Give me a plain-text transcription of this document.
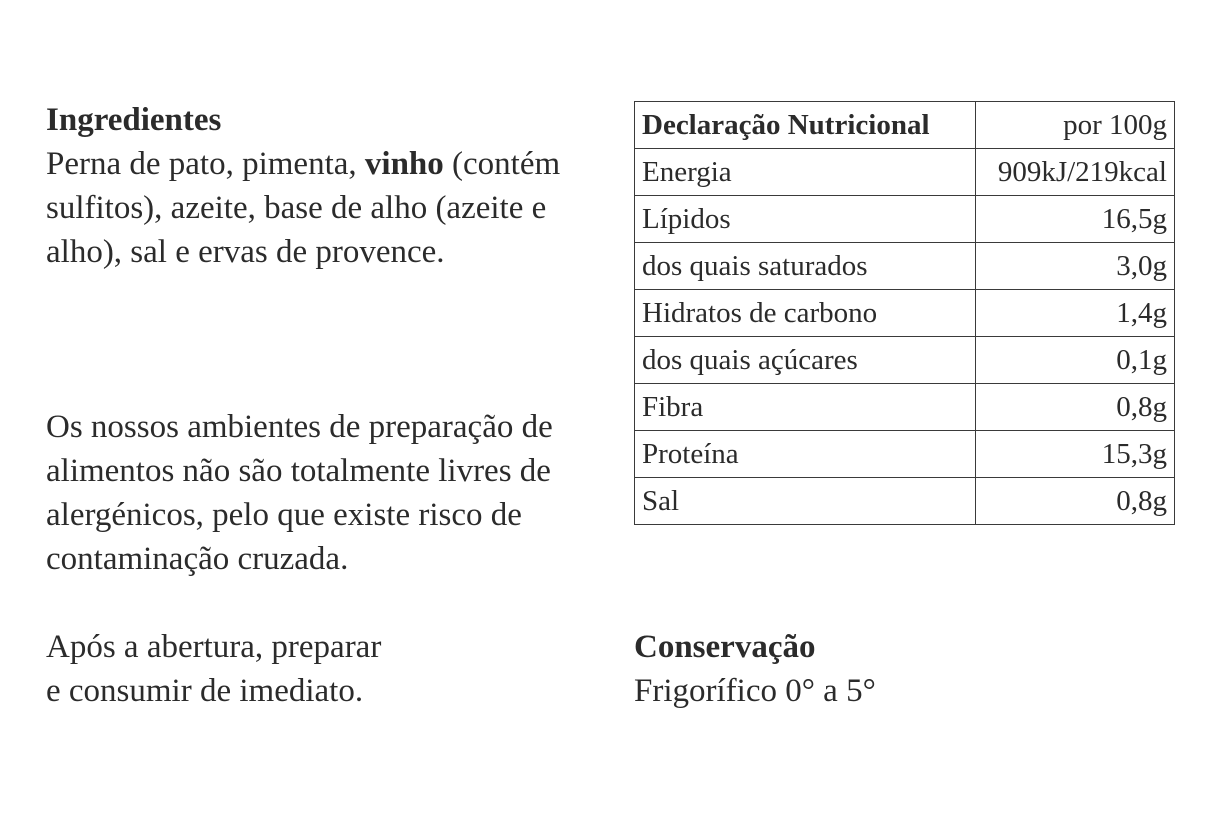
Ingredientes

Perna de pato, pimenta, vinho (contém sulfitos), azeite, base de alho (azeite e alho), sal e ervas de provence.

Os nossos ambientes de preparação de alimentos não são totalmente livres de alergénicos, pelo que existe risco de contaminação cruzada.

Após a abertura, preparar

e consumir de imediato.

Declaração Nutricional	por 100g
Energia	909kJ/219kcal
Lípidos	16,5g
dos quais saturados	3,0g
Hidratos de carbono	1,4g
dos quais açúcares	0,1g
Fibra	0,8g
Proteína	15,3g
Sal	0,8g

Conservação

Frigorífico 0° a 5°
